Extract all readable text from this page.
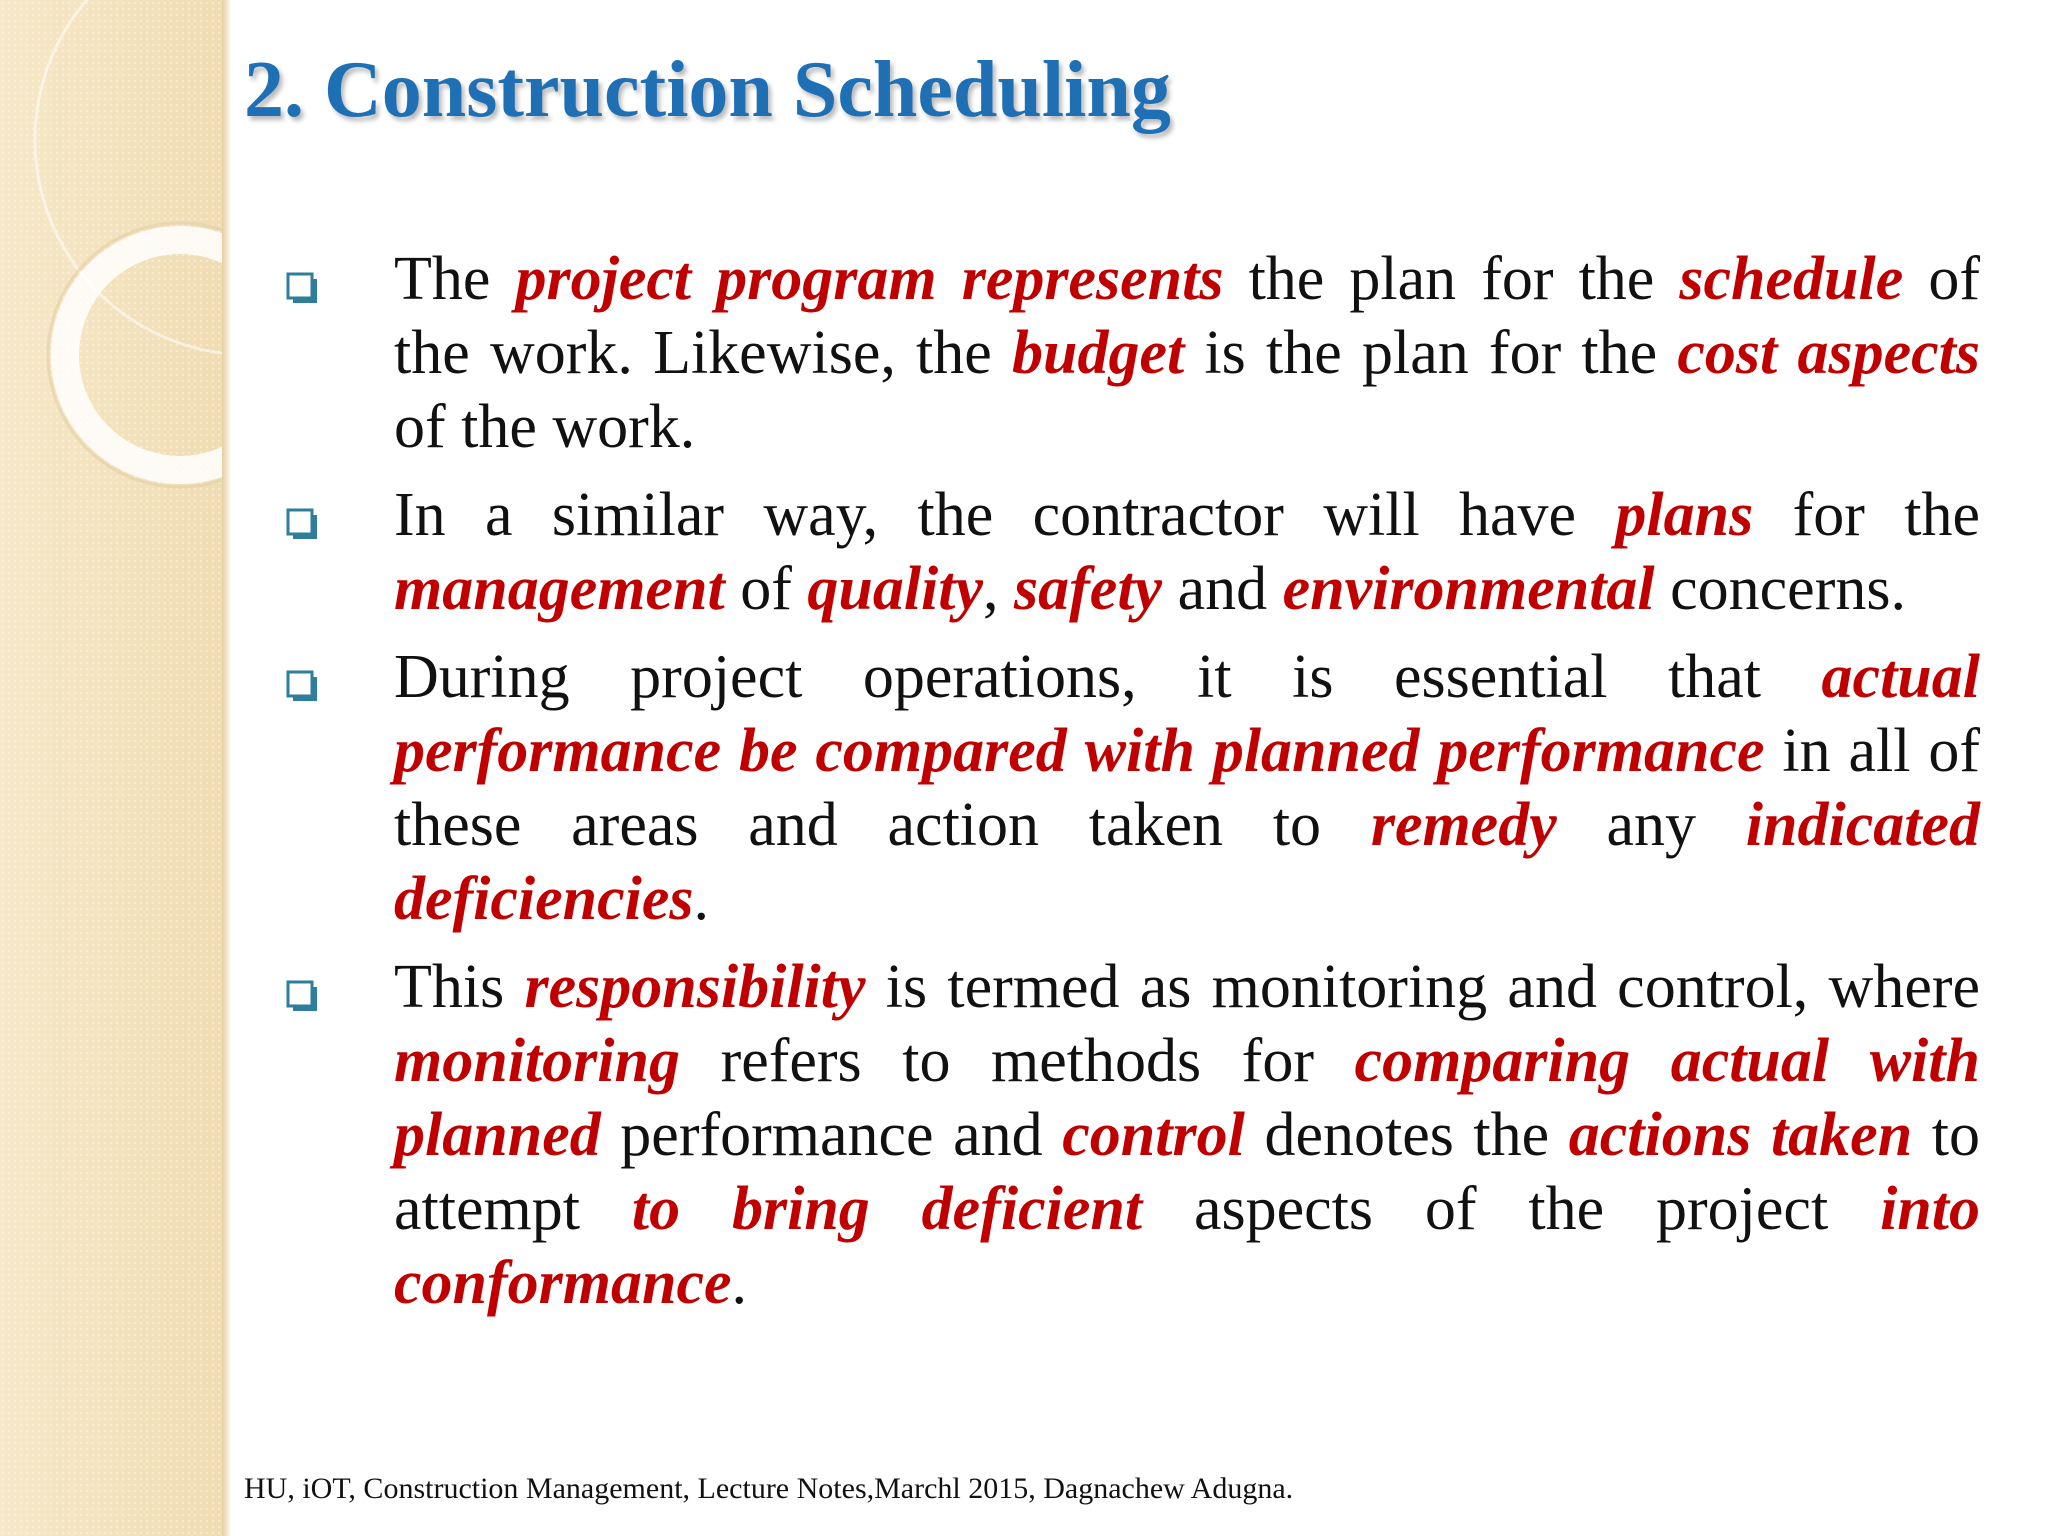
2. Construction Scheduling
The project program represents the plan for the schedule of the work. Likewise, the budget is the plan for the cost aspects of the work.
In a similar way, the contractor will have plans for the management of quality, safety and environmental concerns.
During project operations, it is essential that actual performance be compared with planned performance in all of these areas and action taken to remedy any indicated deficiencies.
This responsibility is termed as monitoring and control, where monitoring refers to methods for comparing actual with planned performance and control denotes the actions taken to attempt to bring deficient aspects of the project into conformance.

HU, iOT, Construction Management, Lecture Notes,Marchl 2015, Dagnachew Adugna.
